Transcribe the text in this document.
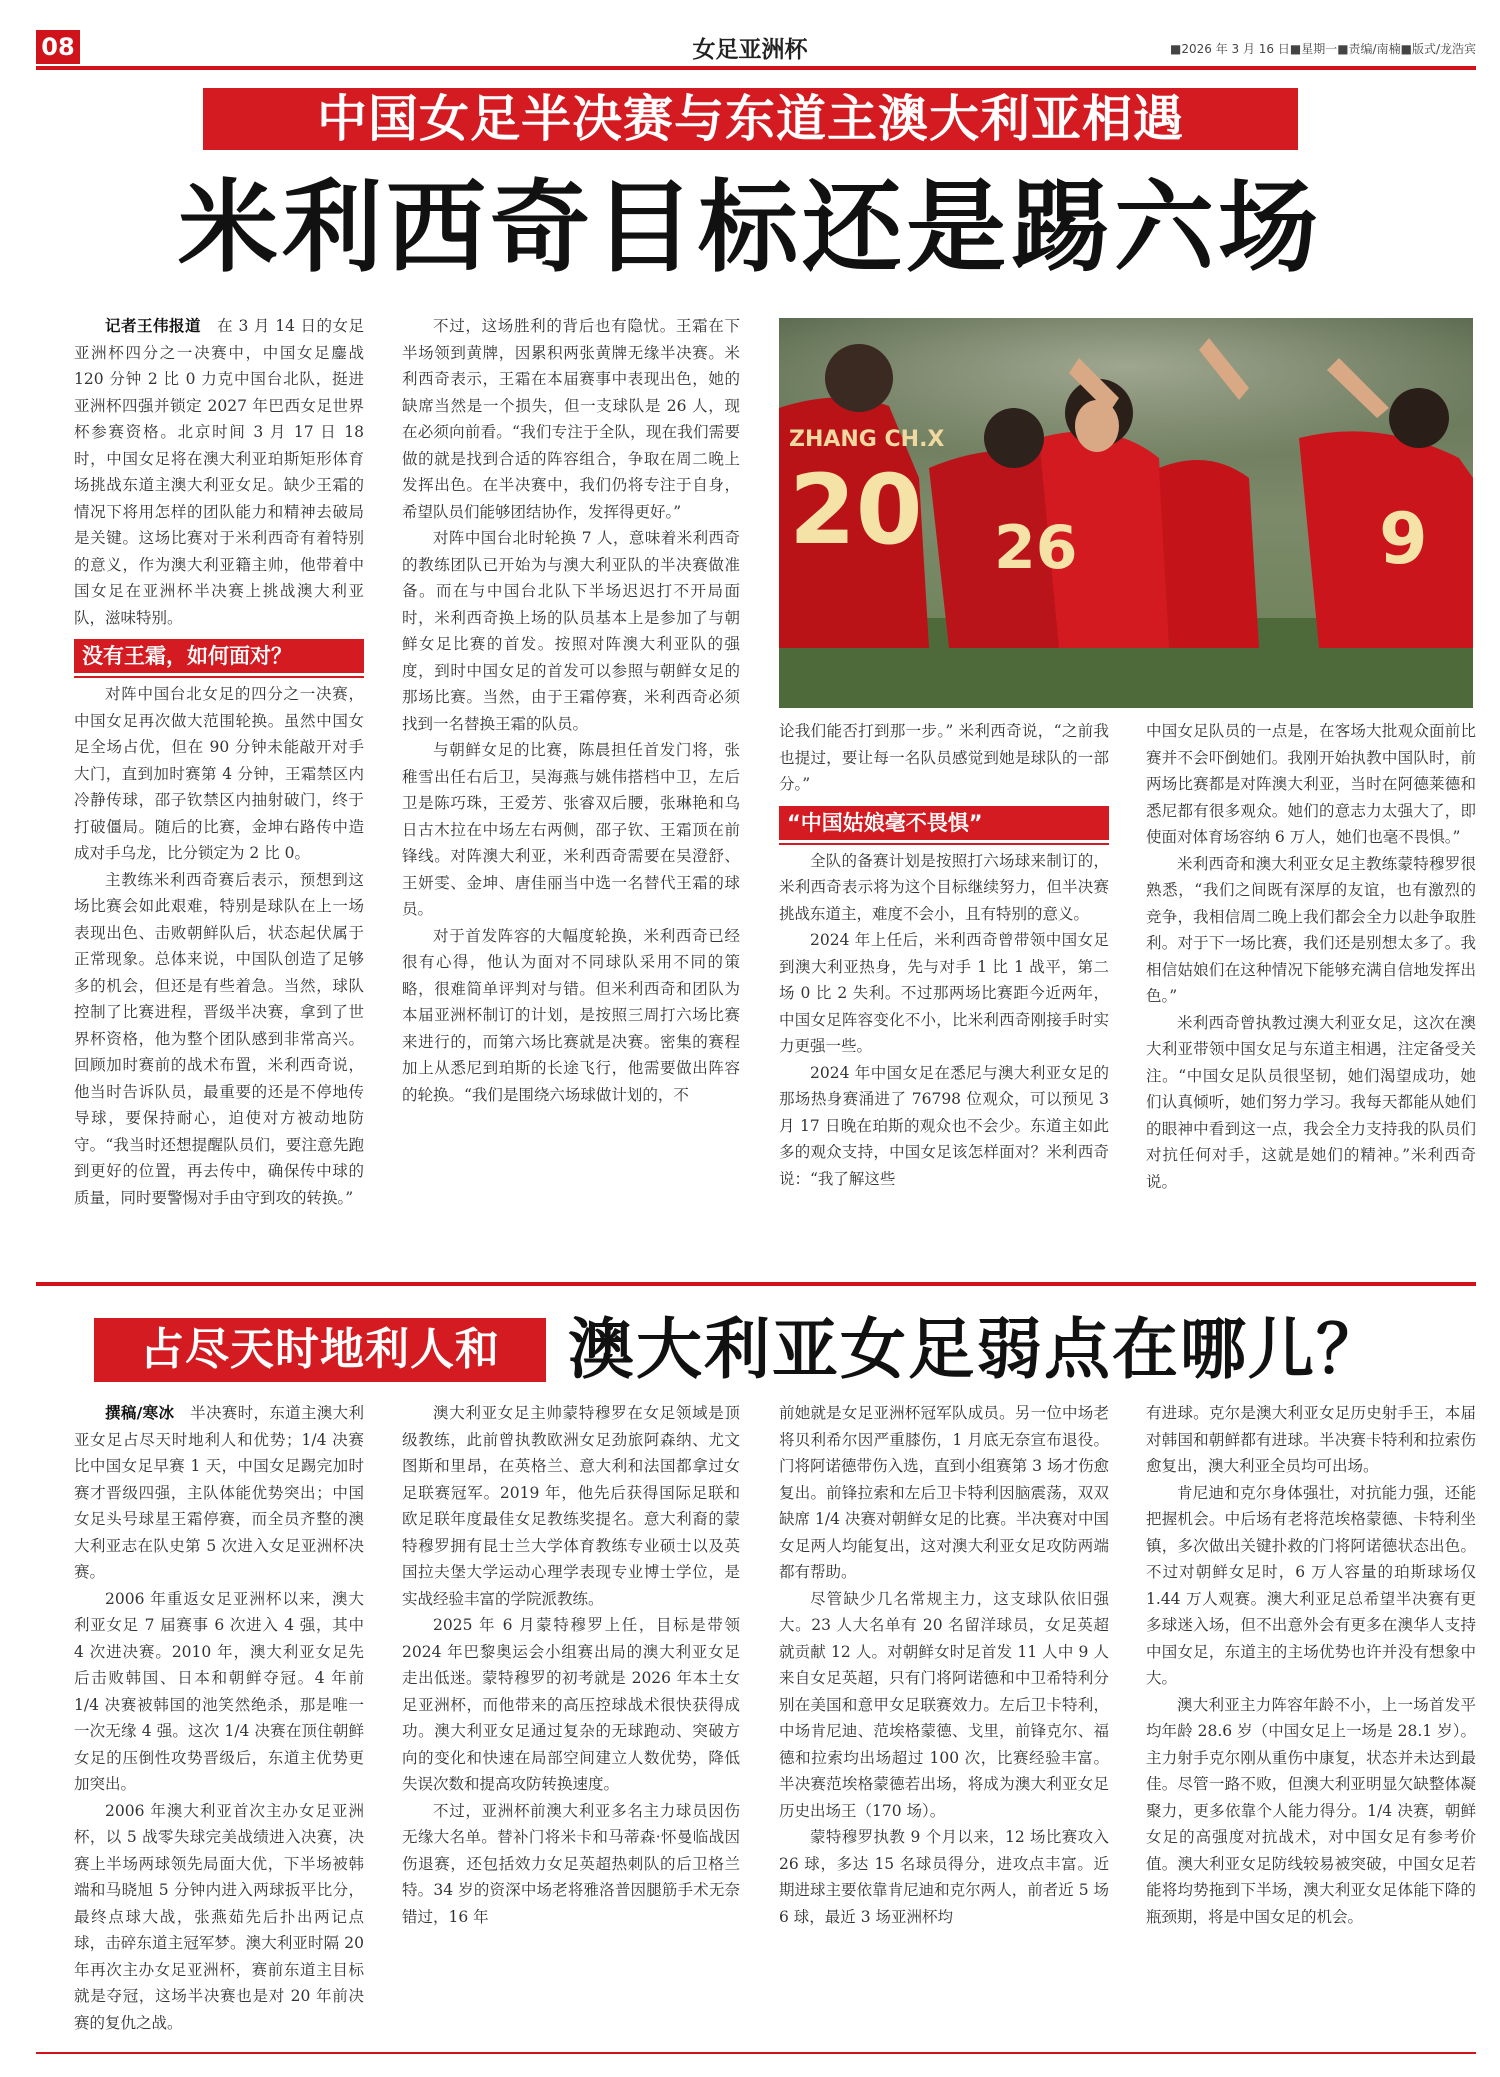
08	女足亚洲杯	■2026 年 3 月 16 日■星期一■责编/南楠■版式/龙浩宾
中国女足半决赛与东道主澳大利亚相遇
米利西奇目标还是踢六场

记者王伟报道  在 3 月 14 日的女足亚洲杯四分之一决赛中，中国女足鏖战 120 分钟 2 比 0 力克中国台北队，挺进亚洲杯四强并锁定 2027 年巴西女足世界杯参赛资格。北京时间 3 月 17 日 18 时，中国女足将在澳大利亚珀斯矩形体育场挑战东道主澳大利亚女足。缺少王霜的情况下将用怎样的团队能力和精神去破局是关键。这场比赛对于米利西奇有着特别的意义，作为澳大利亚籍主帅，他带着中国女足在亚洲杯半决赛上挑战澳大利亚队，滋味特别。

没有王霜，如何面对？

对阵中国台北女足的四分之一决赛，中国女足再次做大范围轮换。虽然中国女足全场占优，但在 90 分钟未能敲开对手大门，直到加时赛第 4 分钟，王霜禁区内冷静传球，邵子钦禁区内抽射破门，终于打破僵局。随后的比赛，金坤右路传中造成对手乌龙，比分锁定为 2 比 0。

主教练米利西奇赛后表示，预想到这场比赛会如此艰难，特别是球队在上一场表现出色、击败朝鲜队后，状态起伏属于正常现象。总体来说，中国队创造了足够多的机会，但还是有些着急。当然，球队控制了比赛进程，晋级半决赛，拿到了世界杯资格，他为整个团队感到非常高兴。回顾加时赛前的战术布置，米利西奇说，他当时告诉队员，最重要的还是不停地传导球，要保持耐心，迫使对方被动地防守。“我当时还想提醒队员们，要注意先跑到更好的位置，再去传中，确保传中球的质量，同时要警惕对手由守到攻的转换。”

不过，这场胜利的背后也有隐忧。王霜在下半场领到黄牌，因累积两张黄牌无缘半决赛。米利西奇表示，王霜在本届赛事中表现出色，她的缺席当然是一个损失，但一支球队是 26 人，现在必须向前看。“我们专注于全队，现在我们需要做的就是找到合适的阵容组合，争取在周二晚上发挥出色。在半决赛中，我们仍将专注于自身，希望队员们能够团结协作，发挥得更好。”

对阵中国台北时轮换 7 人，意味着米利西奇的教练团队已开始为与澳大利亚队的半决赛做准备。而在与中国台北队下半场迟迟打不开局面时，米利西奇换上场的队员基本上是参加了与朝鲜女足比赛的首发。按照对阵澳大利亚队的强度，到时中国女足的首发可以参照与朝鲜女足的那场比赛。当然，由于王霜停赛，米利西奇必须找到一名替换王霜的队员。

与朝鲜女足的比赛，陈晨担任首发门将，张稚雪出任右后卫，吴海燕与姚伟搭档中卫，左后卫是陈巧珠，王爱芳、张睿双后腰，张琳艳和乌日古木拉在中场左右两侧，邵子钦、王霜顶在前锋线。对阵澳大利亚，米利西奇需要在吴澄舒、王妍雯、金坤、唐佳丽当中选一名替代王霜的球员。

对于首发阵容的大幅度轮换，米利西奇已经很有心得，他认为面对不同球队采用不同的策略，很难简单评判对与错。但米利西奇和团队为本届亚洲杯制订的计划，是按照三周打六场比赛来进行的，而第六场比赛就是决赛。密集的赛程加上从悉尼到珀斯的长途飞行，他需要做出阵容的轮换。“我们是围绕六场球做计划的，不

ZHANG CH.X
20 26	9

论我们能否打到那一步。” 米利西奇说，“之前我也提过，要让每一名队员感觉到她是球队的一部分。”

“中国姑娘毫不畏惧”

全队的备赛计划是按照打六场球来制订的，米利西奇表示将为这个目标继续努力，但半决赛挑战东道主，难度不会小，且有特别的意义。

2024 年上任后，米利西奇曾带领中国女足到澳大利亚热身，先与对手 1 比 1 战平，第二场 0 比 2 失利。不过那两场比赛距今近两年，中国女足阵容变化不小，比米利西奇刚接手时实力更强一些。

2024 年中国女足在悉尼与澳大利亚女足的那场热身赛涌进了 76798 位观众，可以预见 3 月 17 日晚在珀斯的观众也不会少。东道主如此多的观众支持，中国女足该怎样面对？米利西奇说：“我了解这些

中国女足队员的一点是，在客场大批观众面前比赛并不会吓倒她们。我刚开始执教中国队时，前两场比赛都是对阵澳大利亚，当时在阿德莱德和悉尼都有很多观众。她们的意志力太强大了，即使面对体育场容纳 6 万人，她们也毫不畏惧。”

米利西奇和澳大利亚女足主教练蒙特穆罗很熟悉，“我们之间既有深厚的友谊，也有激烈的竞争，我相信周二晚上我们都会全力以赴争取胜利。对于下一场比赛，我们还是别想太多了。我相信姑娘们在这种情况下能够充满自信地发挥出色。”

米利西奇曾执教过澳大利亚女足，这次在澳大利亚带领中国女足与东道主相遇，注定备受关注。“中国女足队员很坚韧，她们渴望成功，她们认真倾听，她们努力学习。我每天都能从她们的眼神中看到这一点，我会全力支持我的队员们对抗任何对手，这就是她们的精神。”米利西奇说。

占尽天时地利人和	澳大利亚女足弱点在哪儿？

撰稿/寒冰  半决赛时，东道主澳大利亚女足占尽天时地利人和优势；1/4 决赛比中国女足早赛 1 天，中国女足踢完加时赛才晋级四强，主队体能优势突出；中国女足头号球星王霜停赛，而全员齐整的澳大利亚志在队史第 5 次进入女足亚洲杯决赛。

2006 年重返女足亚洲杯以来，澳大利亚女足 7 届赛事 6 次进入 4 强，其中 4 次进决赛。2010 年，澳大利亚女足先后击败韩国、日本和朝鲜夺冠。4 年前 1/4 决赛被韩国的池笑然绝杀，那是唯一一次无缘 4 强。这次 1/4 决赛在顶住朝鲜女足的压倒性攻势晋级后，东道主优势更加突出。

2006 年澳大利亚首次主办女足亚洲杯，以 5 战零失球完美战绩进入决赛，决赛上半场两球领先局面大优，下半场被韩端和马晓旭 5 分钟内进入两球扳平比分，最终点球大战，张燕茹先后扑出两记点球，击碎东道主冠军梦。澳大利亚时隔 20 年再次主办女足亚洲杯，赛前东道主目标就是夺冠，这场半决赛也是对 20 年前决赛的复仇之战。

澳大利亚女足主帅蒙特穆罗在女足领域是顶级教练，此前曾执教欧洲女足劲旅阿森纳、尤文图斯和里昂，在英格兰、意大利和法国都拿过女足联赛冠军。2019 年，他先后获得国际足联和欧足联年度最佳女足教练奖提名。意大利裔的蒙特穆罗拥有昆士兰大学体育教练专业硕士以及英国拉夫堡大学运动心理学表现专业博士学位，是实战经验丰富的学院派教练。

2025 年 6 月蒙特穆罗上任，目标是带领 2024 年巴黎奥运会小组赛出局的澳大利亚女足走出低迷。蒙特穆罗的初考就是 2026 年本土女足亚洲杯，而他带来的高压控球战术很快获得成功。澳大利亚女足通过复杂的无球跑动、突破方向的变化和快速在局部空间建立人数优势，降低失误次数和提高攻防转换速度。

不过，亚洲杯前澳大利亚多名主力球员因伤无缘大名单。替补门将米卡和马蒂森·怀曼临战因伤退赛，还包括效力女足英超热刺队的后卫格兰特。34 岁的资深中场老将雅洛普因腿筋手术无奈错过，16 年

前她就是女足亚洲杯冠军队成员。另一位中场老将贝利希尔因严重膝伤，1 月底无奈宣布退役。门将阿诺德带伤入选，直到小组赛第 3 场才伤愈复出。前锋拉索和左后卫卡特利因脑震荡，双双缺席 1/4 决赛对朝鲜女足的比赛。半决赛对中国女足两人均能复出，这对澳大利亚女足攻防两端都有帮助。

尽管缺少几名常规主力，这支球队依旧强大。23 人大名单有 20 名留洋球员，女足英超就贡献 12 人。对朝鲜女时足首发 11 人中 9 人来自女足英超，只有门将阿诺德和中卫希特利分别在美国和意甲女足联赛效力。左后卫卡特利，中场肯尼迪、范埃格蒙德、戈里，前锋克尔、福德和拉索均出场超过 100 次，比赛经验丰富。半决赛范埃格蒙德若出场，将成为澳大利亚女足历史出场王（170 场）。

蒙特穆罗执教 9 个月以来，12 场比赛攻入 26 球，多达 15 名球员得分，进攻点丰富。近期进球主要依靠肯尼迪和克尔两人，前者近 5 场 6 球，最近 3 场亚洲杯均

有进球。克尔是澳大利亚女足历史射手王，本届对韩国和朝鲜都有进球。半决赛卡特利和拉索伤愈复出，澳大利亚全员均可出场。

肯尼迪和克尔身体强壮，对抗能力强，还能把握机会。中后场有老将范埃格蒙德、卡特利坐镇，多次做出关键扑救的门将阿诺德状态出色。不过对朝鲜女足时，6 万人容量的珀斯球场仅 1.44 万人观赛。澳大利亚足总希望半决赛有更多球迷入场，但不出意外会有更多在澳华人支持中国女足，东道主的主场优势也许并没有想象中大。

澳大利亚主力阵容年龄不小，上一场首发平均年龄 28.6 岁（中国女足上一场是 28.1 岁）。主力射手克尔刚从重伤中康复，状态并未达到最佳。尽管一路不败，但澳大利亚明显欠缺整体凝聚力，更多依靠个人能力得分。1/4 决赛，朝鲜女足的高强度对抗战术，对中国女足有参考价值。澳大利亚女足防线较易被突破，中国女足若能将均势拖到下半场，澳大利亚女足体能下降的瓶颈期，将是中国女足的机会。
